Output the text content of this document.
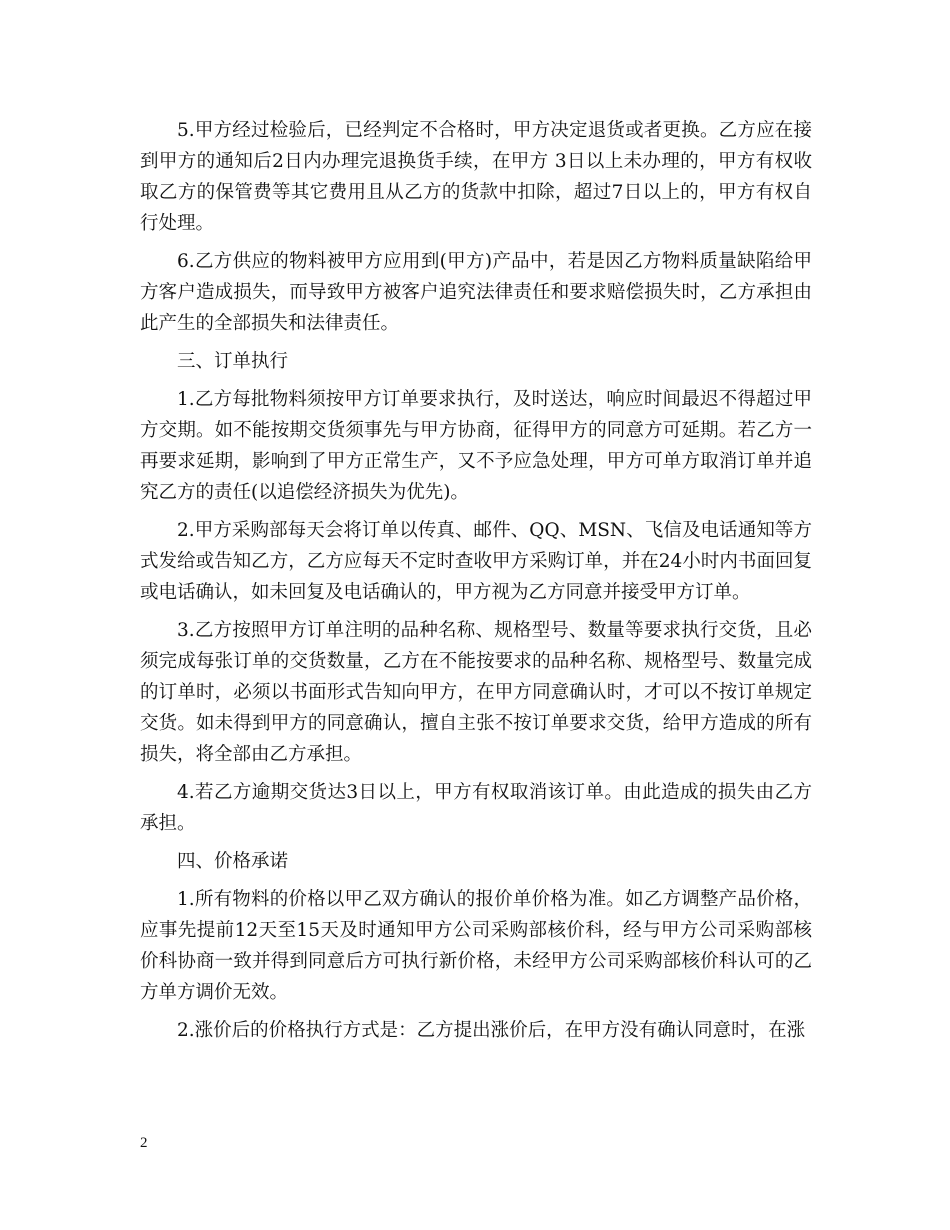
5.甲方经过检验后，已经判定不合格时，甲方决定退货或者更换。乙方应在接到甲方的通知后2日内办理完退换货手续，在甲方 3日以上未办理的，甲方有权收取乙方的保管费等其它费用且从乙方的货款中扣除，超过7日以上的，甲方有权自行处理。

6.乙方供应的物料被甲方应用到(甲方)产品中，若是因乙方物料质量缺陷给甲方客户造成损失，而导致甲方被客户追究法律责任和要求赔偿损失时，乙方承担由此产生的全部损失和法律责任。

三、订单执行

1.乙方每批物料须按甲方订单要求执行，及时送达，响应时间最迟不得超过甲方交期。如不能按期交货须事先与甲方协商，征得甲方的同意方可延期。若乙方一再要求延期，影响到了甲方正常生产，又不予应急处理，甲方可单方取消订单并追究乙方的责任(以追偿经济损失为优先)。

2.甲方采购部每天会将订单以传真、邮件、QQ、MSN、飞信及电话通知等方式发给或告知乙方，乙方应每天不定时查收甲方采购订单，并在24小时内书面回复或电话确认，如未回复及电话确认的，甲方视为乙方同意并接受甲方订单。

3.乙方按照甲方订单注明的品种名称、规格型号、数量等要求执行交货，且必须完成每张订单的交货数量，乙方在不能按要求的品种名称、规格型号、数量完成的订单时，必须以书面形式告知向甲方，在甲方同意确认时，才可以不按订单规定交货。如未得到甲方的同意确认，擅自主张不按订单要求交货，给甲方造成的所有损失，将全部由乙方承担。

4.若乙方逾期交货达3日以上，甲方有权取消该订单。由此造成的损失由乙方承担。

四、价格承诺

1.所有物料的价格以甲乙双方确认的报价单价格为准。如乙方调整产品价格，应事先提前12天至15天及时通知甲方公司采购部核价科，经与甲方公司采购部核价科协商一致并得到同意后方可执行新价格，未经甲方公司采购部核价科认可的乙方单方调价无效。

2.涨价后的价格执行方式是：乙方提出涨价后，在甲方没有确认同意时，在涨

2
